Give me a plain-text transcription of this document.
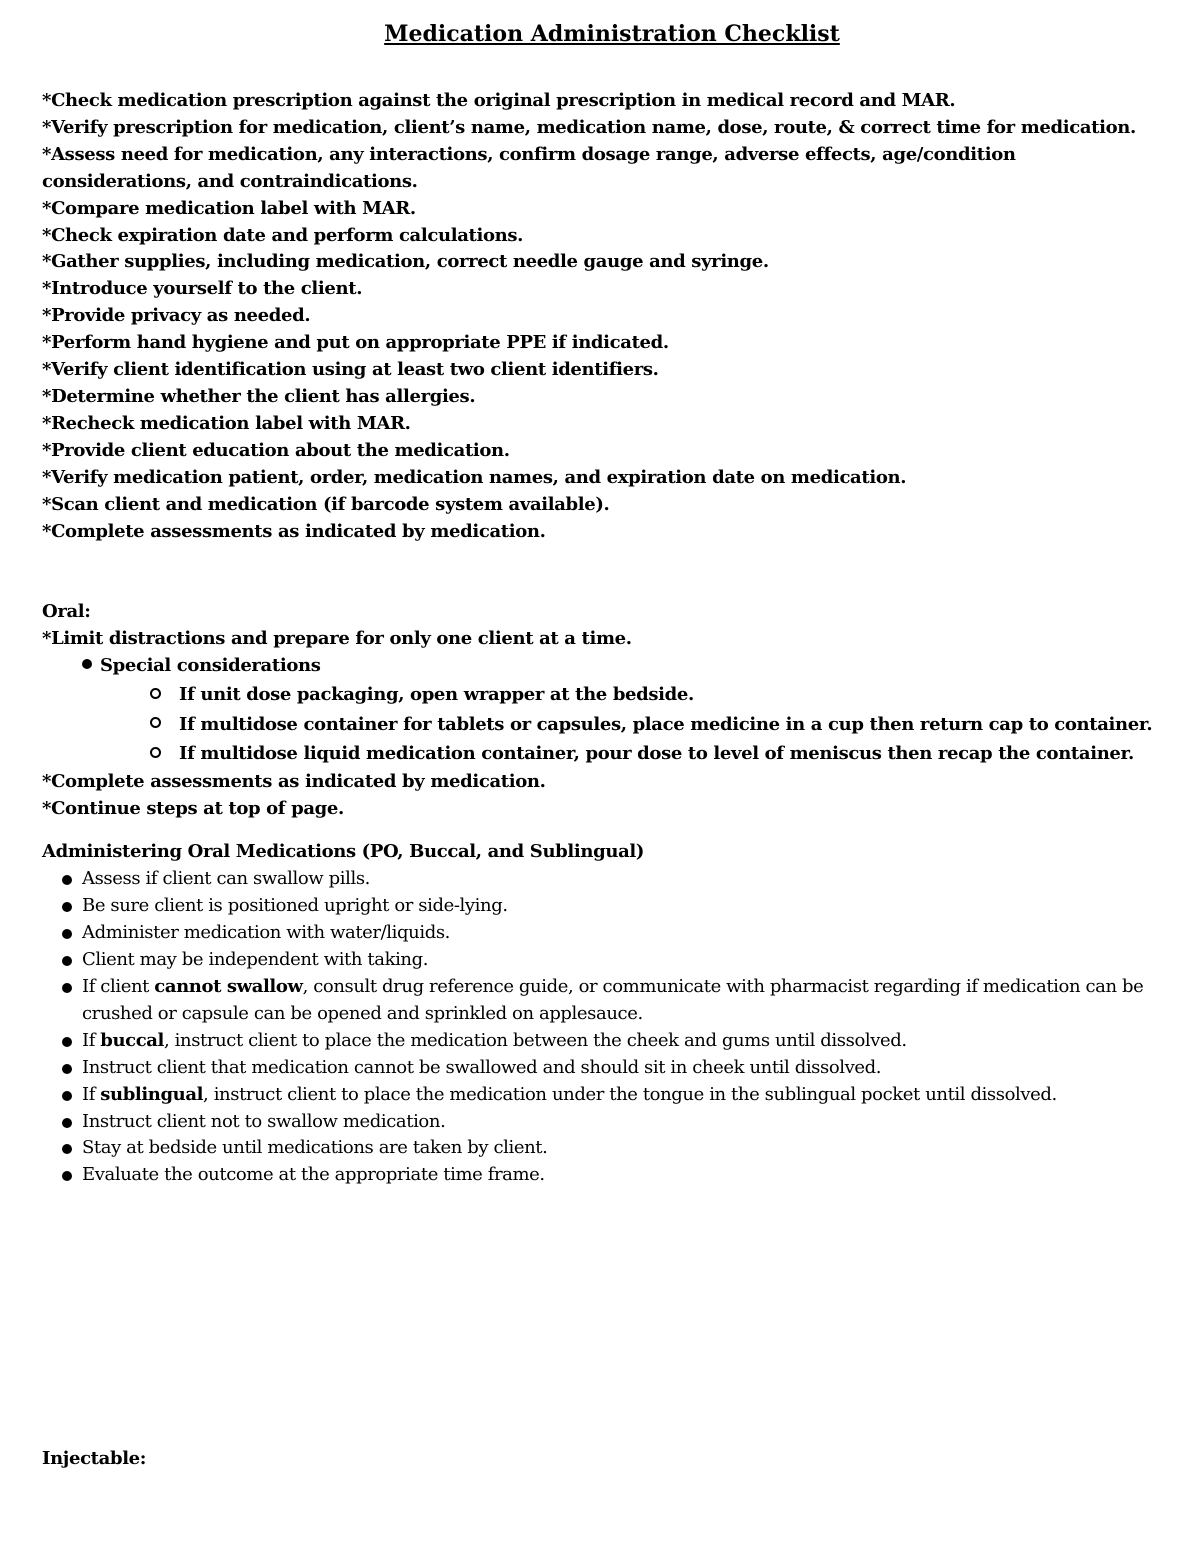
Medication Administration Checklist
*Check medication prescription against the original prescription in medical record and MAR.
*Verify prescription for medication, client’s name, medication name, dose, route, & correct time for medication.
*Assess need for medication, any interactions, confirm dosage range, adverse effects, age/condition considerations, and contraindications.
*Compare medication label with MAR.
*Check expiration date and perform calculations.
*Gather supplies, including medication, correct needle gauge and syringe.
*Introduce yourself to the client.
*Provide privacy as needed.
*Perform hand hygiene and put on appropriate PPE if indicated.
*Verify client identification using at least two client identifiers.
*Determine whether the client has allergies.
*Recheck medication label with MAR.
*Provide client education about the medication.
*Verify medication patient, order, medication names, and expiration date on medication.
*Scan client and medication (if barcode system available).
*Complete assessments as indicated by medication.
Oral:
*Limit distractions and prepare for only one client at a time.
Special considerations
If unit dose packaging, open wrapper at the bedside.
If multidose container for tablets or capsules, place medicine in a cup then return cap to container.
If multidose liquid medication container, pour dose to level of meniscus then recap the container.
*Complete assessments as indicated by medication.
*Continue steps at top of page.
Administering Oral Medications (PO, Buccal, and Sublingual)
Assess if client can swallow pills.
Be sure client is positioned upright or side-lying.
Administer medication with water/liquids.
Client may be independent with taking.
If client cannot swallow, consult drug reference guide, or communicate with pharmacist regarding if medication can be crushed or capsule can be opened and sprinkled on applesauce.
If buccal, instruct client to place the medication between the cheek and gums until dissolved.
Instruct client that medication cannot be swallowed and should sit in cheek until dissolved.
If sublingual, instruct client to place the medication under the tongue in the sublingual pocket until dissolved.
Instruct client not to swallow medication.
Stay at bedside until medications are taken by client.
Evaluate the outcome at the appropriate time frame.
Injectable:
